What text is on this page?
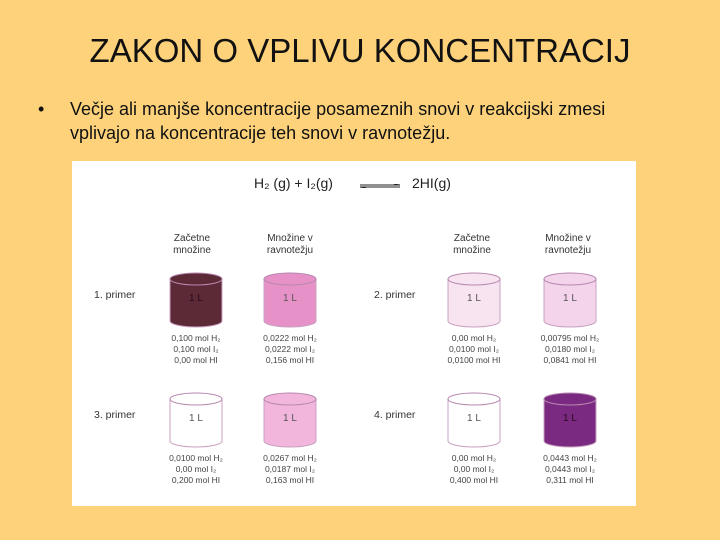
ZAKON O VPLIVU KONCENTRACIJ
• Večje ali manjše koncentracije posameznih snovi v reakcijski zmesi vplivajo na koncentracije teh snovi v ravnotežju.
H₂ (g) + I₂(g) ⇌ 2HI(g)
Začetne
množine
Množine v
ravnotežju
Začetne
množine
Množine v
ravnotežju
1. primer	1 L
0,100 mol H₂
0,100 mol I₂
0,00 mol HI
1 L
0,0222 mol H₂
0,0222 mol I₂
0,156 mol HI
2. primer	1 L
0,00 mol H₂
0,0100 mol I₂
0,0100 mol HI
1 L
0,00795 mol H₂
0,0180 mol I₂
0,0841 mol HI
3. primer	1 L
0,0100 mol H₂
0,00 mol I₂
0,200 mol HI
1 L
0,0267 mol H₂
0,0187 mol I₂
0,163 mol HI
4. primer	1 L
0,00 mol H₂
0,00 mol I₂
0,400 mol HI
1 L
0,0443 mol H₂
0,0443 mol I₂
0,311 mol HI
